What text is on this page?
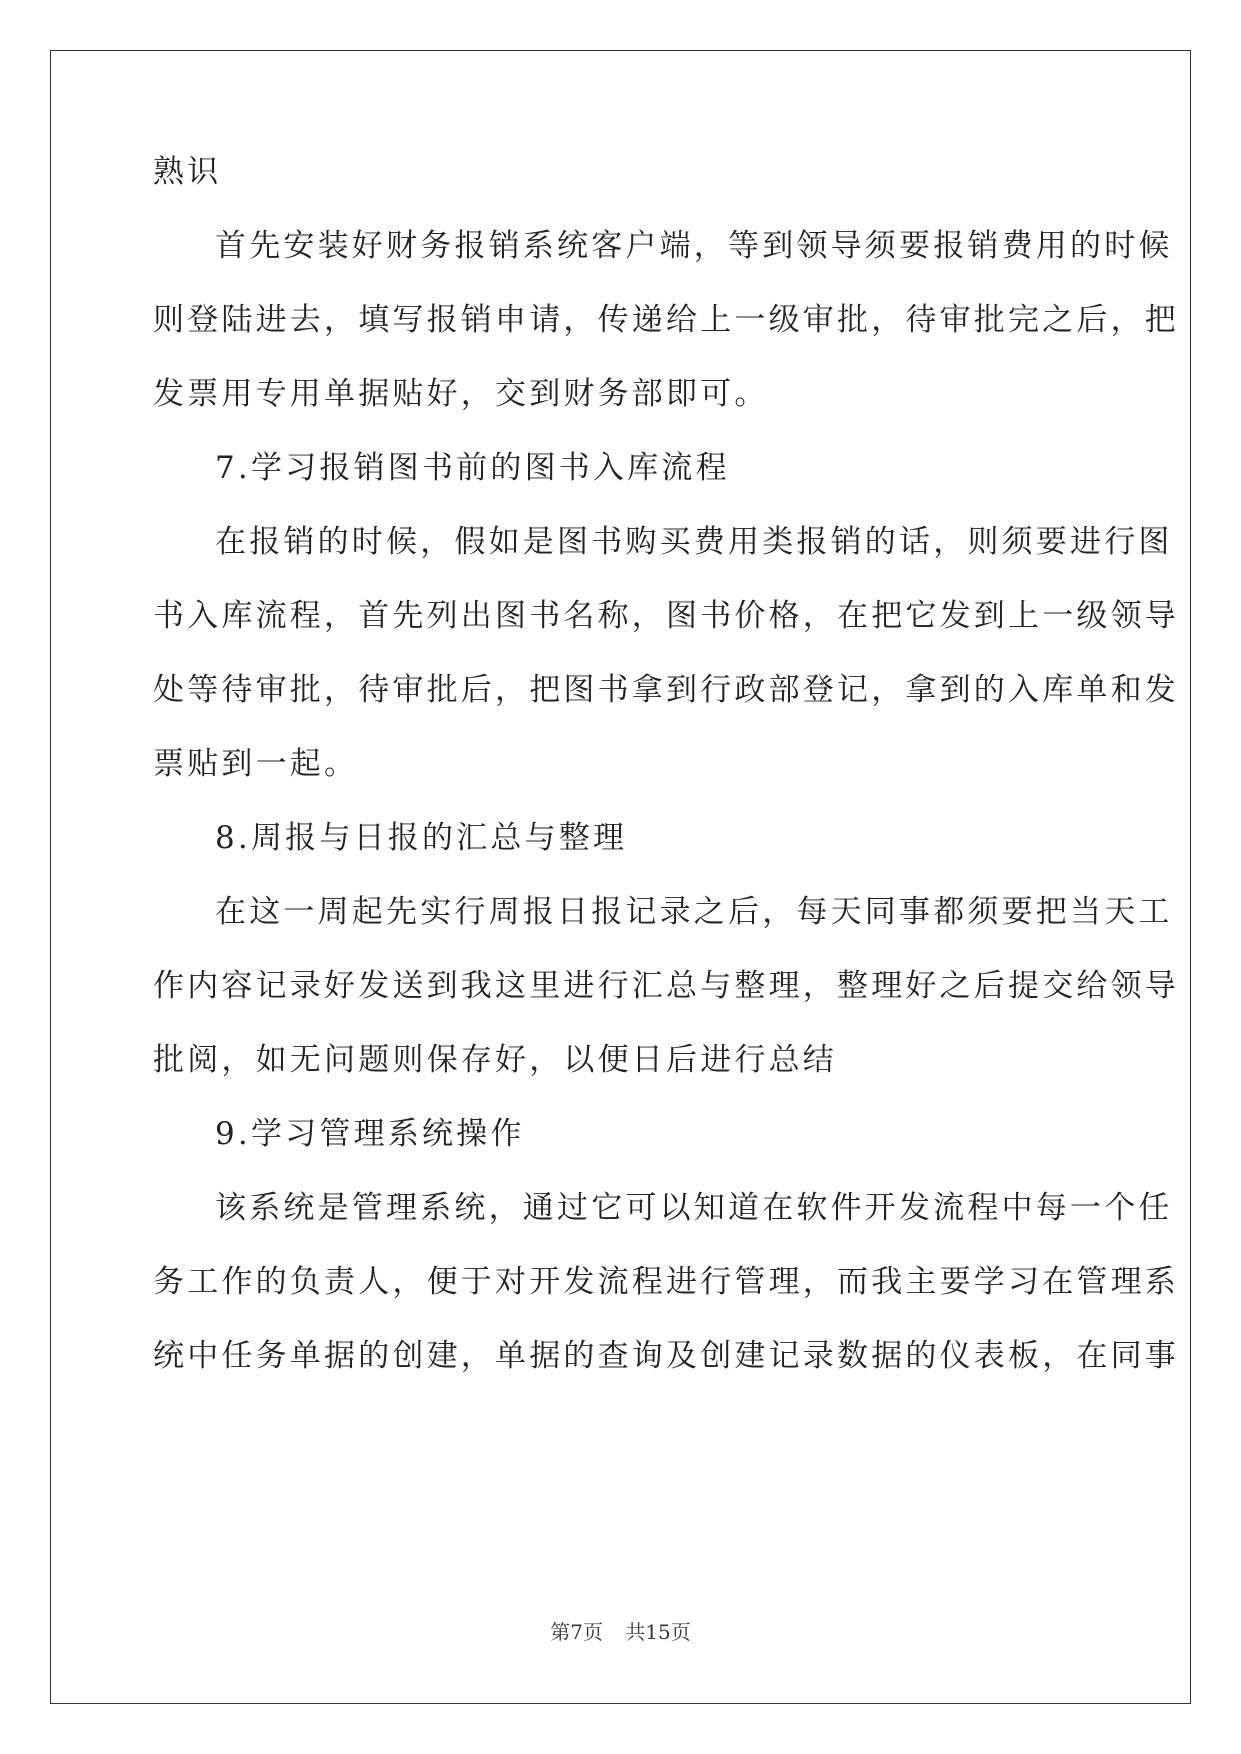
熟识
首先安装好财务报销系统客户端，等到领导须要报销费用的时候
则登陆进去，填写报销申请，传递给上一级审批，待审批完之后，把
发票用专用单据贴好，交到财务部即可。
7.学习报销图书前的图书入库流程
在报销的时候，假如是图书购买费用类报销的话，则须要进行图
书入库流程，首先列出图书名称，图书价格，在把它发到上一级领导
处等待审批，待审批后，把图书拿到行政部登记，拿到的入库单和发
票贴到一起。
8.周报与日报的汇总与整理
在这一周起先实行周报日报记录之后，每天同事都须要把当天工
作内容记录好发送到我这里进行汇总与整理，整理好之后提交给领导
批阅，如无问题则保存好，以便日后进行总结
9.学习管理系统操作
该系统是管理系统，通过它可以知道在软件开发流程中每一个任
务工作的负责人，便于对开发流程进行管理，而我主要学习在管理系
统中任务单据的创建，单据的查询及创建记录数据的仪表板，在同事
第7页 共15页
